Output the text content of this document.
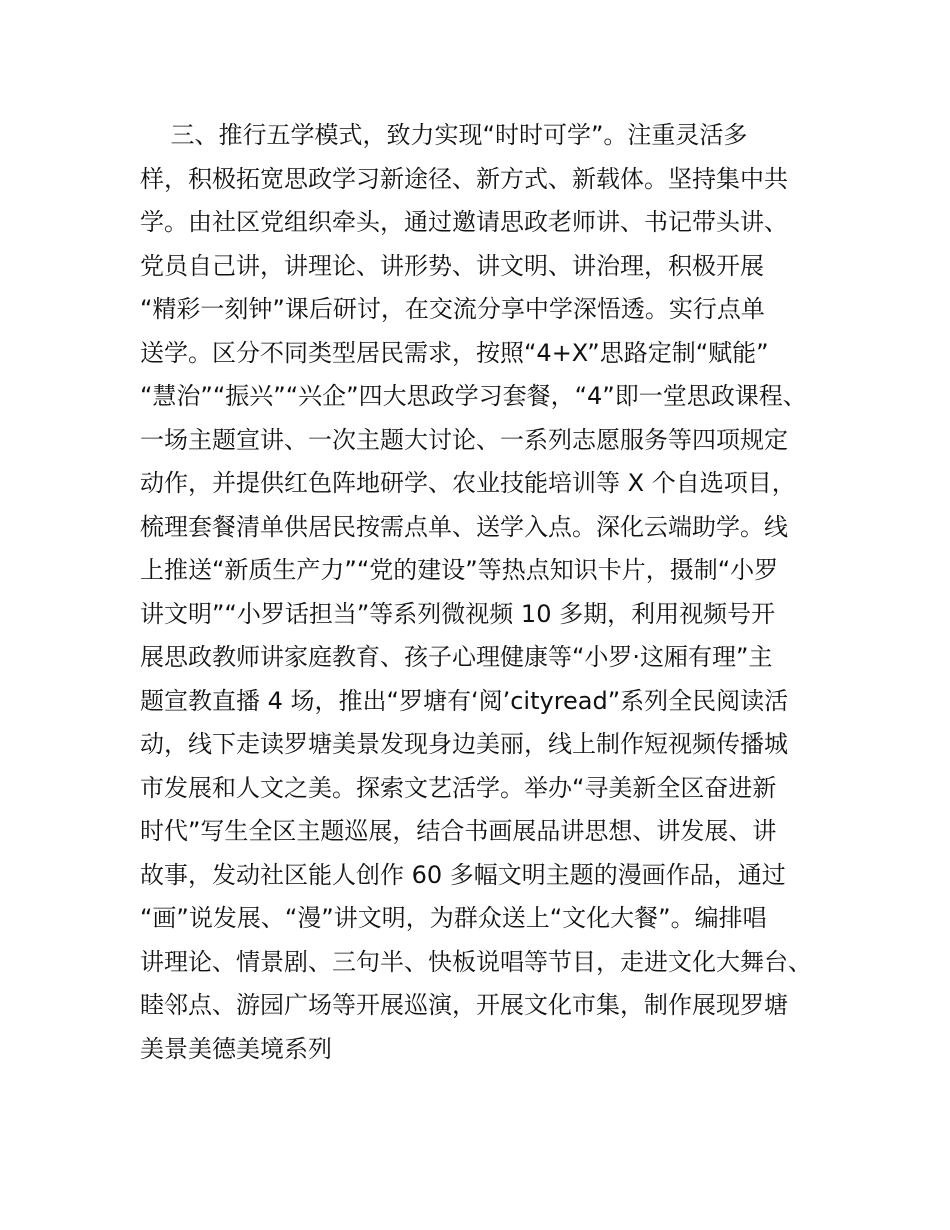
三、推行五学模式，致力实现“时时可学”。注重灵活多
样，积极拓宽思政学习新途径、新方式、新载体。坚持集中共
学。由社区党组织牵头，通过邀请思政老师讲、书记带头讲、
党员自己讲，讲理论、讲形势、讲文明、讲治理，积极开展
“精彩一刻钟”课后研讨，在交流分享中学深悟透。实行点单
送学。区分不同类型居民需求，按照“4+X”思路定制“赋能”
“慧治”“振兴”“兴企”四大思政学习套餐，“4”即一堂思政课程、
一场主题宣讲、一次主题大讨论、一系列志愿服务等四项规定
动作，并提供红色阵地研学、农业技能培训等 X 个自选项目，
梳理套餐清单供居民按需点单、送学入点。深化云端助学。线
上推送“新质生产力”“党的建设”等热点知识卡片，摄制“小罗
讲文明”“小罗话担当”等系列微视频 10 多期，利用视频号开
展思政教师讲家庭教育、孩子心理健康等“小罗·这厢有理”主
题宣教直播 4 场，推出“罗塘有‘阅’cityread”系列全民阅读活
动，线下走读罗塘美景发现身边美丽，线上制作短视频传播城
市发展和人文之美。探索文艺活学。举办“寻美新全区奋进新
时代”写生全区主题巡展，结合书画展品讲思想、讲发展、讲
故事，发动社区能人创作 60 多幅文明主题的漫画作品，通过
“画”说发展、“漫”讲文明，为群众送上“文化大餐”。编排唱
讲理论、情景剧、三句半、快板说唱等节目，走进文化大舞台、
睦邻点、游园广场等开展巡演，开展文化市集，制作展现罗塘
美景美德美境系列
